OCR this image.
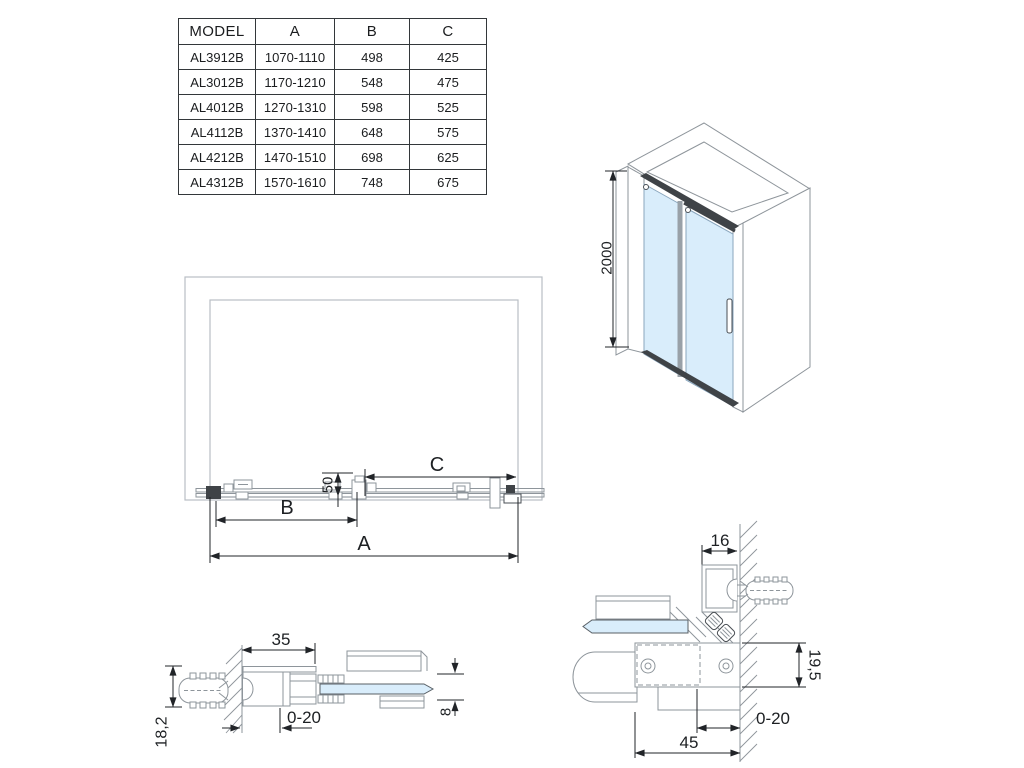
MODEL	A	B	C
AL3912B	1070-1110	498	425
AL3012B	1170-1210	548	475
AL4012B	1270-1310	598	525
AL4112B	1370-1410	648	575
AL4212B	1470-1510	698	625
AL4312B	1570-1610	748	675
2000
C
50
B
A
18,2
35
0-20	8
16
19,5
0-20
45
